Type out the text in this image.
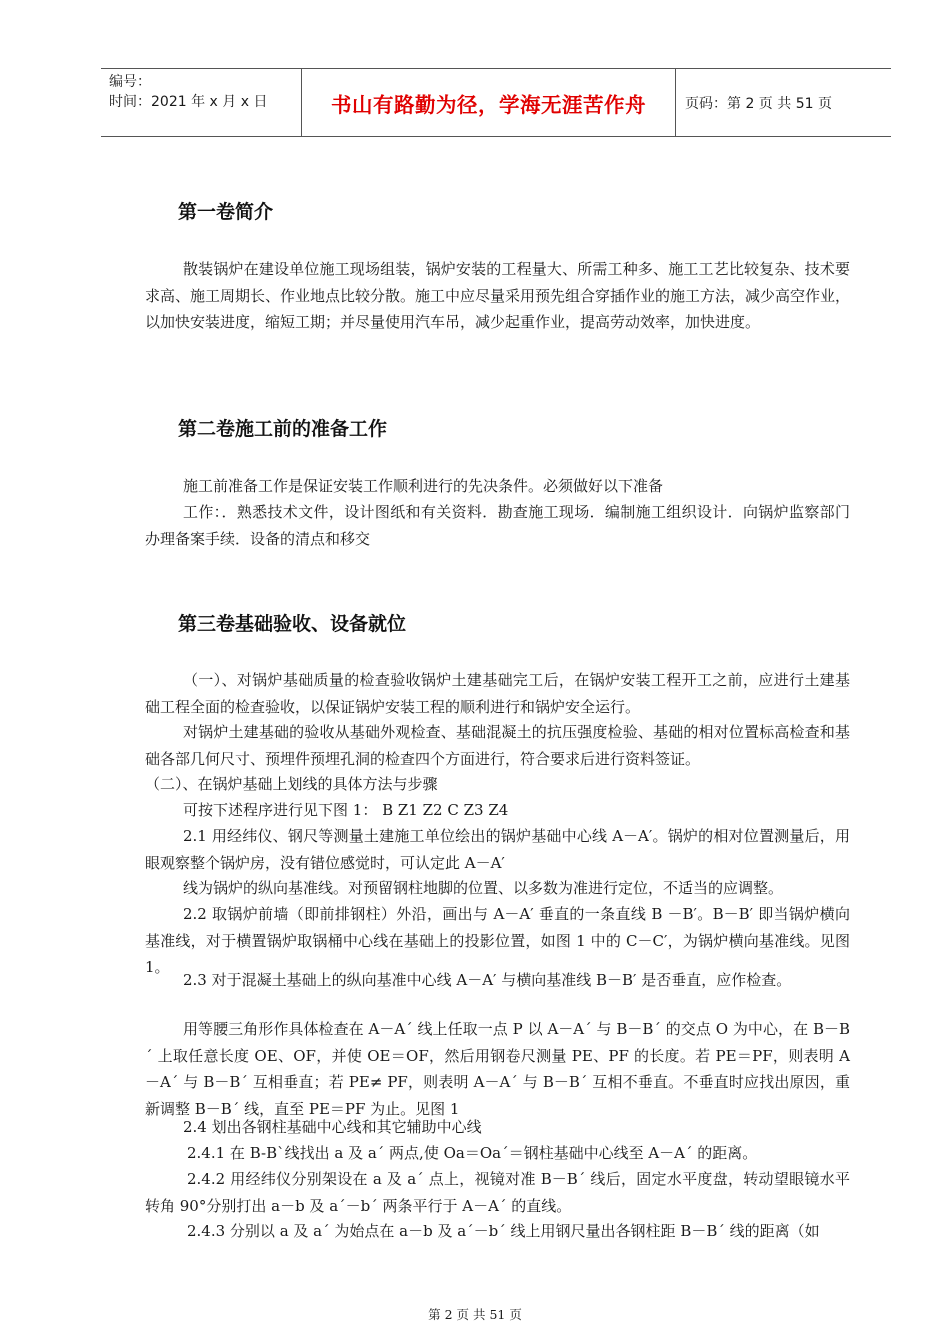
编号：
时间：2021 年 x 月 x 日	书山有路勤为径，学海无涯苦作舟	页码：第 2 页 共 51 页
第一卷简介

散装锅炉在建设单位施工现场组装，锅炉安装的工程量大、所需工种多、施工工艺比较复杂、技术要求高、施工周期长、作业地点比较分散。施工中应尽量采用预先组合穿插作业的施工方法，减少高空作业，以加快安装进度，缩短工期；并尽量使用汽车吊，减少起重作业，提高劳动效率，加快进度。

第二卷施工前的准备工作

施工前准备工作是保证安装工作顺利进行的先决条件。必须做好以下准备

工作：．熟悉技术文件，设计图纸和有关资料．勘查施工现场．编制施工组织设计．向锅炉监察部门办理备案手续．设备的清点和移交

第三卷基础验收、设备就位

（一）、对锅炉基础质量的检查验收锅炉土建基础完工后，在锅炉安装工程开工之前，应进行土建基础工程全面的检查验收，以保证锅炉安装工程的顺利进行和锅炉安全运行。

对锅炉土建基础的验收从基础外观检查、基础混凝土的抗压强度检验、基础的相对位置标高检查和基础各部几何尺寸、预埋件预埋孔洞的检查四个方面进行，符合要求后进行资料签证。

（二）、在锅炉基础上划线的具体方法与步骤

可按下述程序进行见下图 1： B Z1 Z2 C Z3 Z4

2.1 用经纬仪、钢尺等测量土建施工单位绘出的锅炉基础中心线 A－A′。锅炉的相对位置测量后，用眼观察整个锅炉房，没有错位感觉时，可认定此 A－A′

线为锅炉的纵向基准线。对预留钢柱地脚的位置、以多数为准进行定位，不适当的应调整。

2.2 取锅炉前墙（即前排钢柱）外沿，画出与 A－A′ 垂直的一条直线 B －B′。B－B′ 即当锅炉横向基准线，对于横置锅炉取锅桶中心线在基础上的投影位置，如图 1 中的 C－C′，为锅炉横向基准线。见图 1。

2.3 对于混凝土基础上的纵向基准中心线 A－A′ 与横向基准线 B－B′ 是否垂直，应作检查。

用等腰三角形作具体检查在 A－A´ 线上任取一点 P 以 A－A´ 与 B－B´ 的交点 O 为中心，在 B－B´ 上取任意长度 OE、OF，并使 OE＝OF，然后用钢卷尺测量 PE、PF 的长度。若 PE＝PF，则表明 A－A´ 与 B－B´ 互相垂直；若 PE≠ PF，则表明 A－A´ 与 B－B´ 互相不垂直。不垂直时应找出原因，重新调整 B－B´ 线，直至 PE＝PF 为止。见图 1

2.4 划出各钢柱基础中心线和其它辅助中心线

2.4.1 在 B-B`线找出 a 及 a´ 两点,使 Oa＝Oa´＝钢柱基础中心线至 A－A´ 的距离。

2.4.2 用经纬仪分别架设在 a 及 a´ 点上，视镜对准 B－B´ 线后，固定水平度盘，转动望眼镜水平转角 90°分别打出 a－b 及 a´－b´ 两条平行于 A－A´ 的直线。

2.4.3 分别以 a 及 a´ 为始点在 a－b 及 a´－b´ 线上用钢尺量出各钢柱距 B－B´ 线的距离（如

第 2 页 共 51 页
